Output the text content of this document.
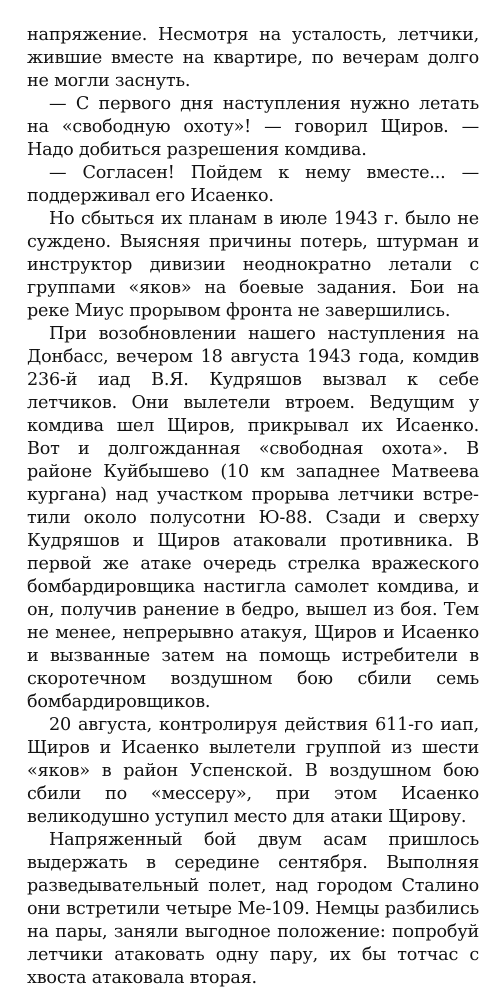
напряжение. Несмотря на усталость, летчики, жившие вместе на квартире, по вечерам долго не могли заснуть.

— С первого дня наступления нужно летать на «свободную охоту»! — говорил Щиров. — Надо добиться разрешения комдива.

— Согласен! Пойдем к нему вместе... — поддерживал его Исаенко.

Но сбыться их планам в июле 1943 г. было не суждено. Выясняя причины потерь, штурман и инструктор дивизии неоднократно летали с группами «яков» на боевые задания. Бои на реке Миус прорывом фронта не завершились.

При возобновлении нашего наступления на Донбасс, вечером 18 августа 1943 года, комдив 236-й иад В.Я. Кудряшов вызвал к себе летчиков. Они вылетели втроем. Ведущим у комдива шел Щиров, прикрывал их Исаенко. Вот и долгожданная «свободная охота». В районе Куйбышево (10 км западнее Матвеева кургана) над участком прорыва летчики встретили около полусотни Ю-88. Сзади и сверху Кудряшов и Щиров атаковали противника. В первой же атаке очередь стрелка вражеского бомбардировщика настигла самолет комдива, и он, получив ранение в бедро, вышел из боя. Тем не менее, непрерывно атакуя, Щиров и Исаенко и вызванные затем на помощь истребители в скоротечном воздушном бою сбили семь бомбардировщиков.

20 августа, контролируя действия 611-го иап, Щиров и Исаенко вылетели группой из шести «яков» в район Успенской. В воздушном бою сбили по «мессеру», при этом Исаенко великодушно уступил место для атаки Щирову.

Напряженный бой двум асам пришлось выдержать в середине сентября. Выполняя разведывательный полет, над городом Сталино они встретили четыре Ме-109. Немцы разбились на пары, заняли выгодное положение: попробуй летчики атаковать одну пару, их бы тотчас с хвоста атаковала вторая.
